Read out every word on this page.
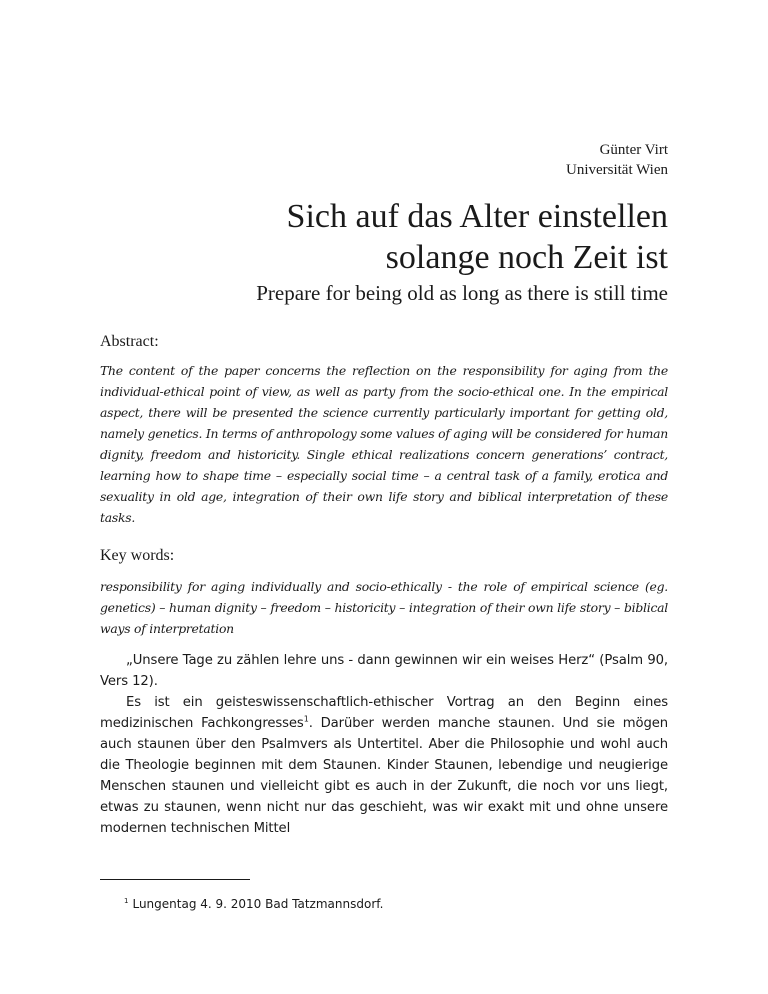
Günter Virt
Universität Wien
Sich auf das Alter einstellen
solange noch Zeit ist
Prepare for being old as long as there is still time
Abstract:

The content of the paper concerns the reflection on the responsibility for aging from the individual-ethical point of view, as well as party from the socio-ethical one. In the empirical aspect, there will be presented the science currently particularly important for getting old, namely genetics. In terms of anthropology some values of aging will be considered for human dignity, freedom and historicity. Single ethical realizations concern generations’ contract, learning how to shape time – especially social time – a central task of a family, erotica and sexuality in old age, integration of their own life story and biblical interpretation of these tasks.

Key words:

responsibility for aging individually and socio-ethically - the role of empirical science (eg. genetics) – human dignity – freedom – historicity – integration of their own life story – biblical ways of interpretation

„Unsere Tage zu zählen lehre uns - dann gewinnen wir ein weises Herz“ (Psalm 90, Vers 12).

Es ist ein geisteswissenschaftlich-ethischer Vortrag an den Beginn eines medizinischen Fachkongresses$^1$. Darüber werden manche staunen. Und sie mögen auch staunen über den Psalmvers als Untertitel. Aber die Philosophie und wohl auch die Theologie beginnen mit dem Staunen. Kinder Staunen, lebendige und neugierige Menschen staunen und vielleicht gibt es auch in der Zukunft, die noch vor uns liegt, etwas zu staunen, wenn nicht nur das geschieht, was wir exakt mit und ohne unsere modernen technischen Mittel

$^1$ Lungentag 4. 9. 2010 Bad Tatzmannsdorf.
